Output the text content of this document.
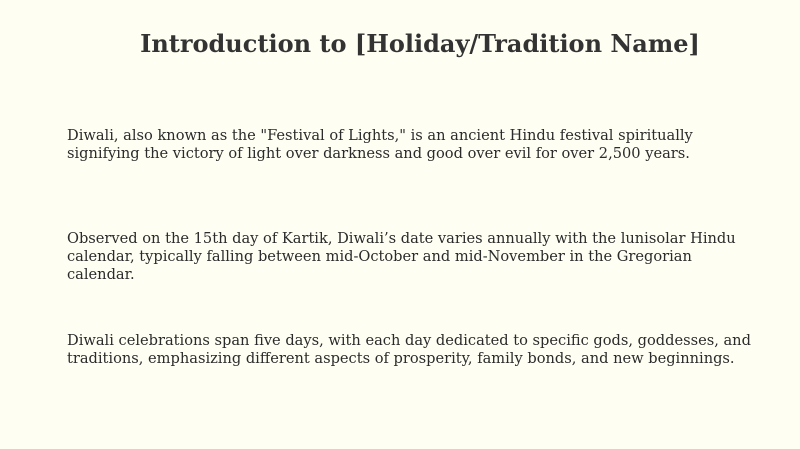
Introduction to [Holiday/Tradition Name]

Diwali, also known as the "Festival of Lights," is an ancient Hindu festival spiritually signifying the victory of light over darkness and good over evil for over 2,500 years.

Observed on the 15th day of Kartik, Diwali’s date varies annually with the lunisolar Hindu calendar, typically falling between mid-October and mid-November in the Gregorian calendar.

Diwali celebrations span five days, with each day dedicated to specific gods, goddesses, and traditions, emphasizing different aspects of prosperity, family bonds, and new beginnings.
